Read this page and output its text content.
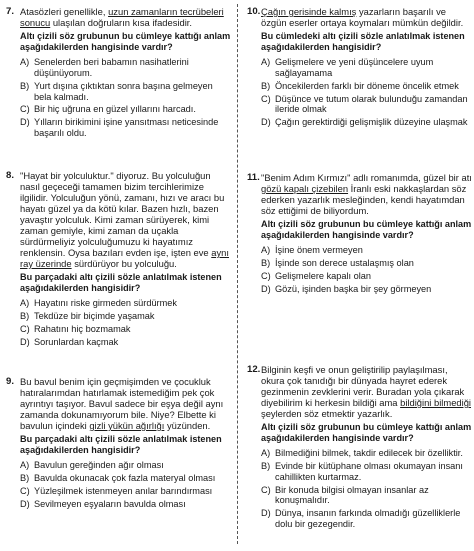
7. Atasözleri genellikle, uzun zamanların tecrübeleri sonucu ulaşılan doğruların kısa ifadesidir.
Altı çizili söz grubunun bu cümleye kattığı anlam aşağıdakilerden hangisinde vardır?
A) Senelerden beri babamın nasihatlerini düşünüyorum.
B) Yurt dışına çıktıktan sonra başına gelmeyen bela kalmadı.
C) Bir hiç uğruna en güzel yıllarını harcadı.
D) Yılların birikimini işine yansıtması neticesinde başarılı oldu.
8. "Hayat bir yolculuktur." diyoruz. Bu yolculuğun nasıl geçeceği tamamen bizim tercihlerimize ilgilidir. Yolculuğun yönü, zamanı, hızı ve aracı bu hayatı güzel ya da kötü kılar. Bazen hızlı, bazen yavaştır yolculuk. Kimi zaman sürüyerek, kimi zaman gemiyle, kimi zaman da uçakla sürdürmeliyiz yolculuğumuzu ki hayatımız renklensin. Oysa bazıları evden işe, işten eve aynı ray üzerinde sürdürüyor bu yolculuğu.
Bu parçadaki altı çizili sözle anlatılmak istenen aşağıdakilerden hangisidir?
A) Hayatını riske girmeden sürdürmek
B) Tekdüze bir biçimde yaşamak
C) Rahatını hiç bozmamak
D) Sorunlardan kaçmak
9. Bu bavul benim için geçmişimden ve çocukluk hatıralarımdan hatırlamak istemediğim pek çok ayrıntıyı taşıyor. Bavul sadece bir eşya değil aynı zamanda dokunamıyorum bile. Niye? Elbette ki bavulun içindeki gizli yükün ağırlığı yüzünden.
Bu parçadaki altı çizili sözle anlatılmak istenen aşağıdakilerden hangisidir?
A) Bavulun gereğinden ağır olması
B) Bavulda okunacak çok fazla materyal olması
C) Yüzleşilmek istenmeyen anılar barındırması
D) Sevilmeyen eşyaların bavulda olması
10. Çağın gerisinde kalmış yazarların başarılı ve özgün eserler ortaya koymaları mümkün değildir.
Bu cümledeki altı çizili sözle anlatılmak istenen aşağıdakilerden hangisidir?
A) Gelişmelere ve yeni düşüncelere uyum sağlayamama
B) Öncekilerden farklı bir döneme öncelik etmek
C) Düşünce ve tutum olarak bulunduğu zamandan ileride olmak
D) Çağın gerektirdiği gelişmişlik düzeyine ulaşmak
11. "Benim Adım Kırmızı" adlı romanımda, güzel bir atı gözü kapalı çizebilen İranlı eski nakkaşlardan söz ederken yazarlık mesleğinden, kendi hayatımdan söz ettiğimi de biliyordum.
Altı çizili söz grubunun bu cümleye kattığı anlam aşağıdakilerden hangisinde vardır?
A) İşine önem vermeyen
B) İşinde son derece ustalaşmış olan
C) Gelişmelere kapalı olan
D) Gözü, işinden başka bir şey görmeyen
12. Bilginin keşfi ve onun geliştirilip paylaşılması, okura çok tanıdığı bir dünyada hayret ederek gezinmenin zevklerini verir. Buradan yola çıkarak diyebilirim ki herkesin bildiği ama bildiğini bilmediği şeylerden söz etmektir yazarlık.
Altı çizili söz grubunun bu cümleye kattığı anlam aşağıdakilerden hangisinde vardır?
A) Bilmediğini bilmek, takdir edilecek bir özelliktir.
B) Evinde bir kütüphane olması okumayan insanı cahillikten kurtarmaz.
C) Bir konuda bilgisi olmayan insanlar az konuşmalıdır.
D) Dünya, insanın farkında olmadığı güzelliklerle dolu bir gezegendir.
